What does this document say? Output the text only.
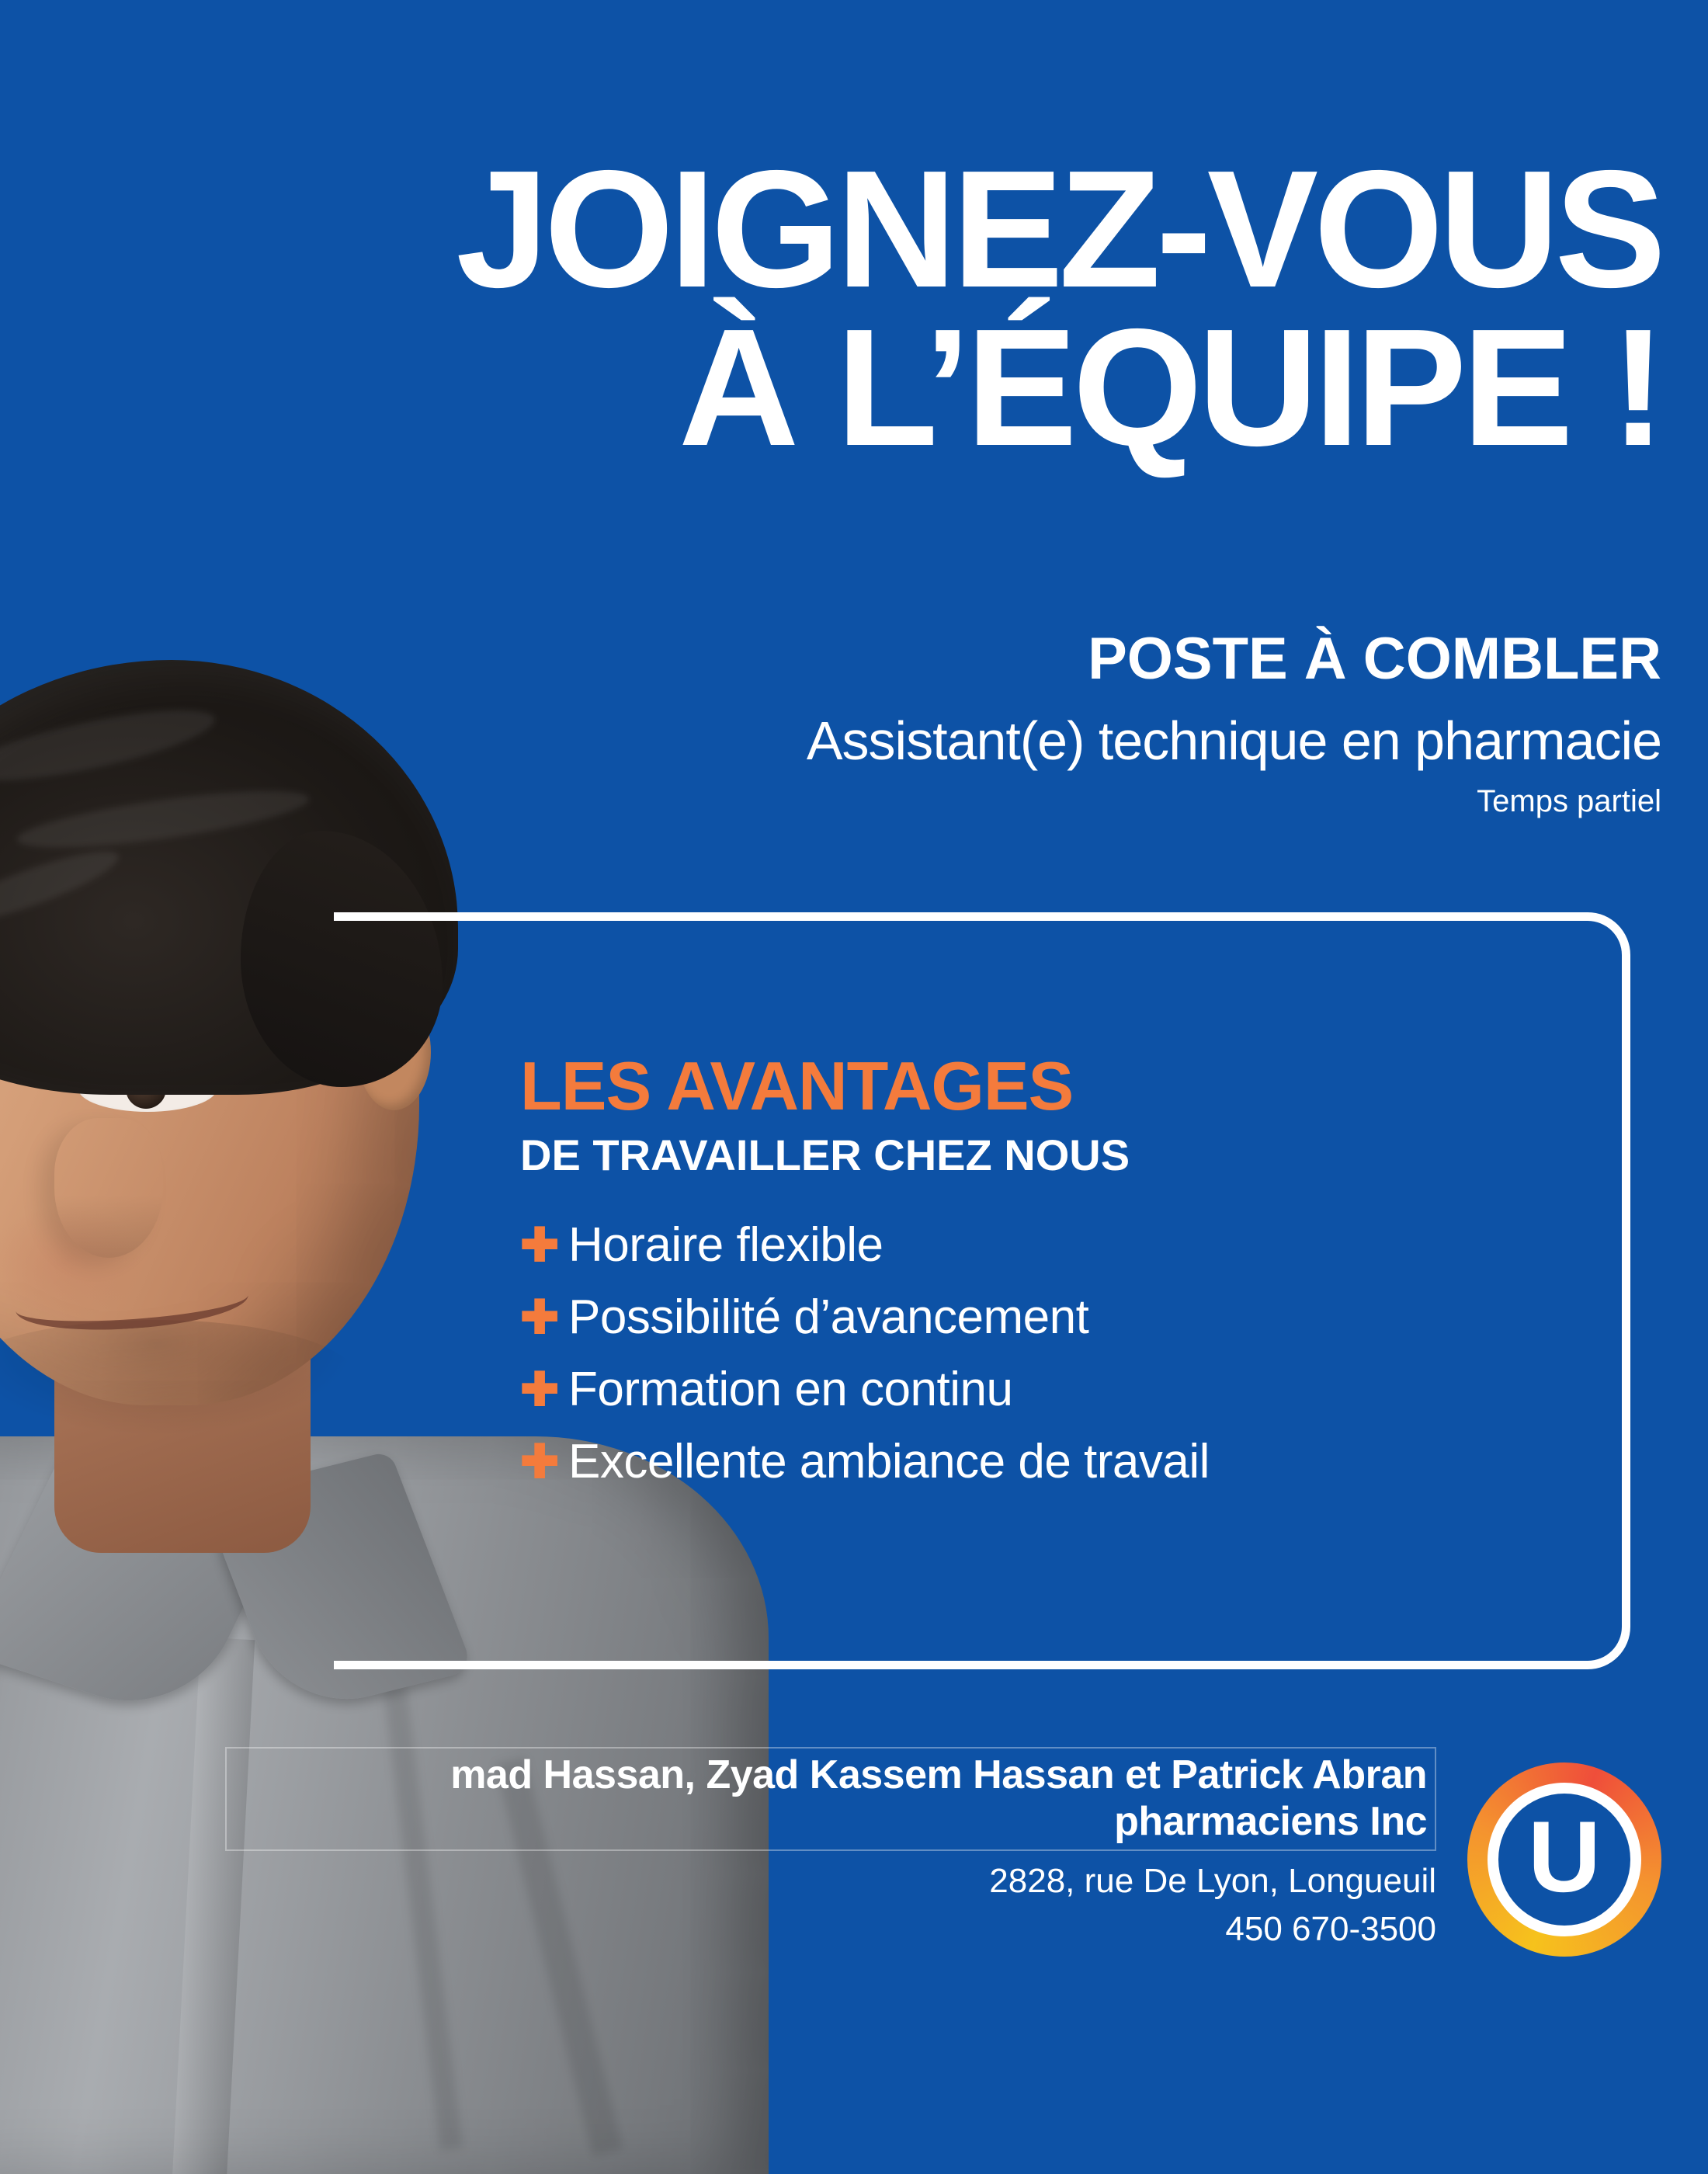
JOIGNEZ-VOUS
À L’ÉQUIPE !
POSTE À COMBLER
Assistant(e) technique en pharmacie
Temps partiel
LES AVANTAGES
DE TRAVAILLER CHEZ NOUS
✚ Horaire flexible
✚ Possibilité d’avancement
✚ Formation en continu
✚ Excellente ambiance de travail
mad Hassan, Zyad Kassem Hassan et Patrick Abran pharmaciens Inc
2828, rue De Lyon, Longueuil
450 670-3500
U
